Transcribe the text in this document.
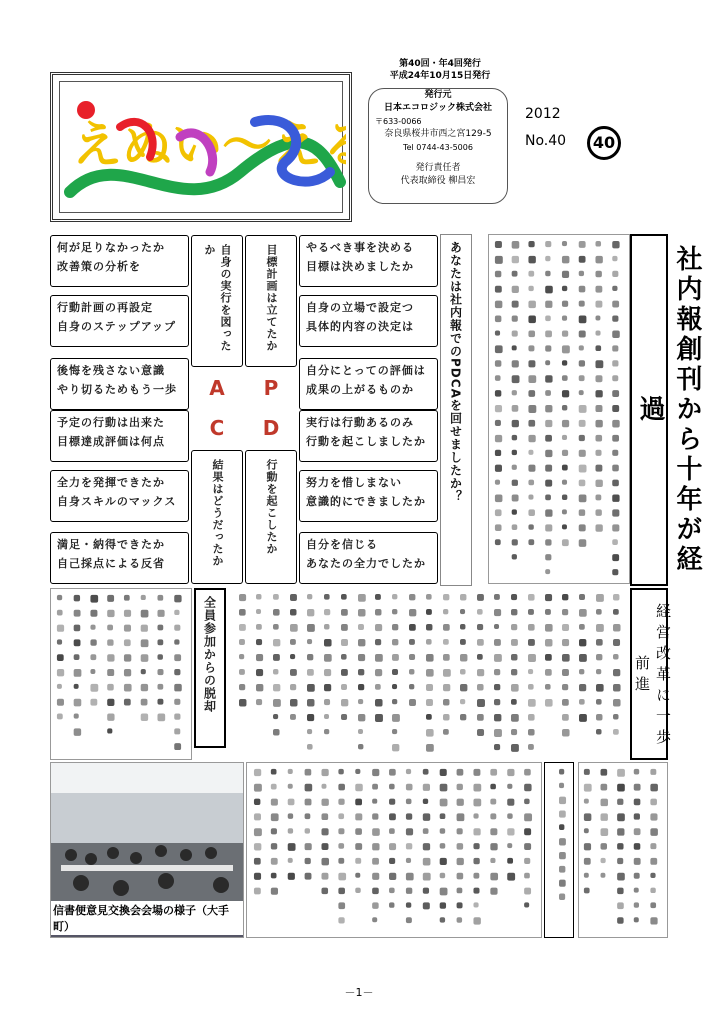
えぬい〜える
第40回・年4回発行
平成24年10月15日発行
発行元
日本エコロジック株式会社
〒633-0066
奈良県桜井市西之宮129-5
Tel 0744-43-5006
発行責任者
代表取締役 柳昌宏
2012
No.40	40
何が足りなかったか
改善策の分析を
行動計画の再設定
自身のステップアップ
後悔を残さない意識
やり切るためもう一歩
予定の行動は出来た
目標達成評価は何点
全力を発揮できたか
自身スキルのマックス
満足・納得できたか
自己採点による反省
やるべき事を決める
目標は決めましたか
自身の立場で設定つ
具体的内容の決定は
自分にとっての評価は
成果の上がるものか
実行は行動あるのみ
行動を起こしましたか
努力を惜しまない
意識的にできましたか
自分を信じる
あなたの全力でしたか
自身の実行を図ったか	目標計画は立てたか
A	P
C	D
結果はどうだったか	行動を起こしたか
あなたは社内報でのPDCAを回せましたか？	社内報創刊から十年が経過
全員参加からの脱却	経営改革に一歩前進
信書便意見交換会会場の様子（大手町）
－1－
